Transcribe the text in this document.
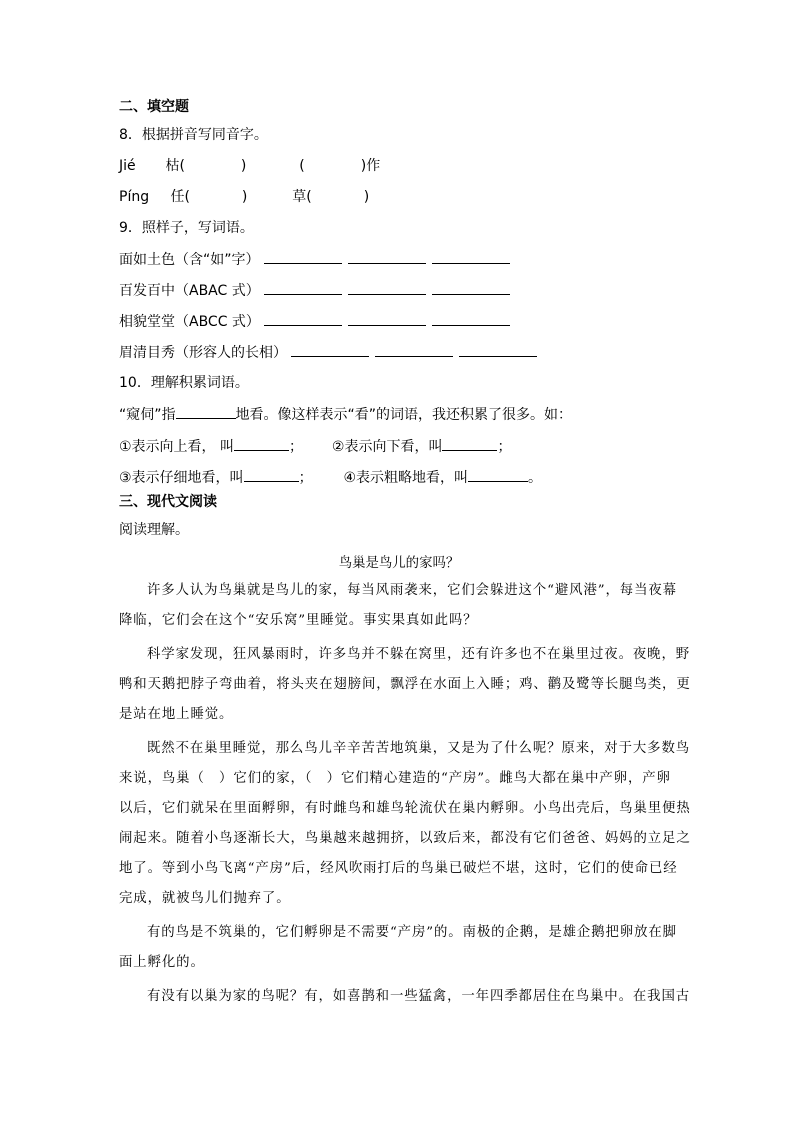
二、填空题
8．根据拼音写同音字。
Jié 枯(	)	(	)作
Píng 任(	)	草(	)
9．照样子，写词语。
面如土色（含“如”字）
百发百中（ABAC 式）
相貌堂堂（ABCC 式）
眉清目秀（形容人的长相）
10．理解积累词语。
“窥伺”指	地看。像这样表示“看”的词语，我还积累了很多。如：
①表示向上看， 叫	； ②表示向下看，叫	；
③表示仔细地看，叫	； ④表示粗略地看，叫	。
三、现代文阅读
阅读理解。
鸟巢是鸟儿的家吗？
许多人认为鸟巢就是鸟儿的家，每当风雨袭来，它们会躲进这个“避风港”，每当夜幕
降临，它们会在这个“安乐窝”里睡觉。事实果真如此吗？
科学家发现，狂风暴雨时，许多鸟并不躲在窝里，还有许多也不在巢里过夜。夜晚，野
鸭和天鹅把脖子弯曲着，将头夹在翅膀间，飘浮在水面上入睡；鸡、鹳及鹭等长腿鸟类，更
是站在地上睡觉。
既然不在巢里睡觉，那么鸟儿辛辛苦苦地筑巢，又是为了什么呢？原来，对于大多数鸟
来说，鸟巢（　）它们的家，（　）它们精心建造的“产房”。雌鸟大都在巢中产卵，产卵
以后，它们就呆在里面孵卵，有时雌鸟和雄鸟轮流伏在巢内孵卵。小鸟出壳后，鸟巢里便热
闹起来。随着小鸟逐渐长大，鸟巢越来越拥挤，以致后来，都没有它们爸爸、妈妈的立足之
地了。等到小鸟飞离“产房”后，经风吹雨打后的鸟巢已破烂不堪，这时，它们的使命已经
完成，就被鸟儿们抛弃了。
有的鸟是不筑巢的，它们孵卵是不需要“产房”的。南极的企鹅，是雄企鹅把卵放在脚
面上孵化的。
有没有以巢为家的鸟呢？有，如喜鹊和一些猛禽，一年四季都居住在鸟巢中。在我国古
